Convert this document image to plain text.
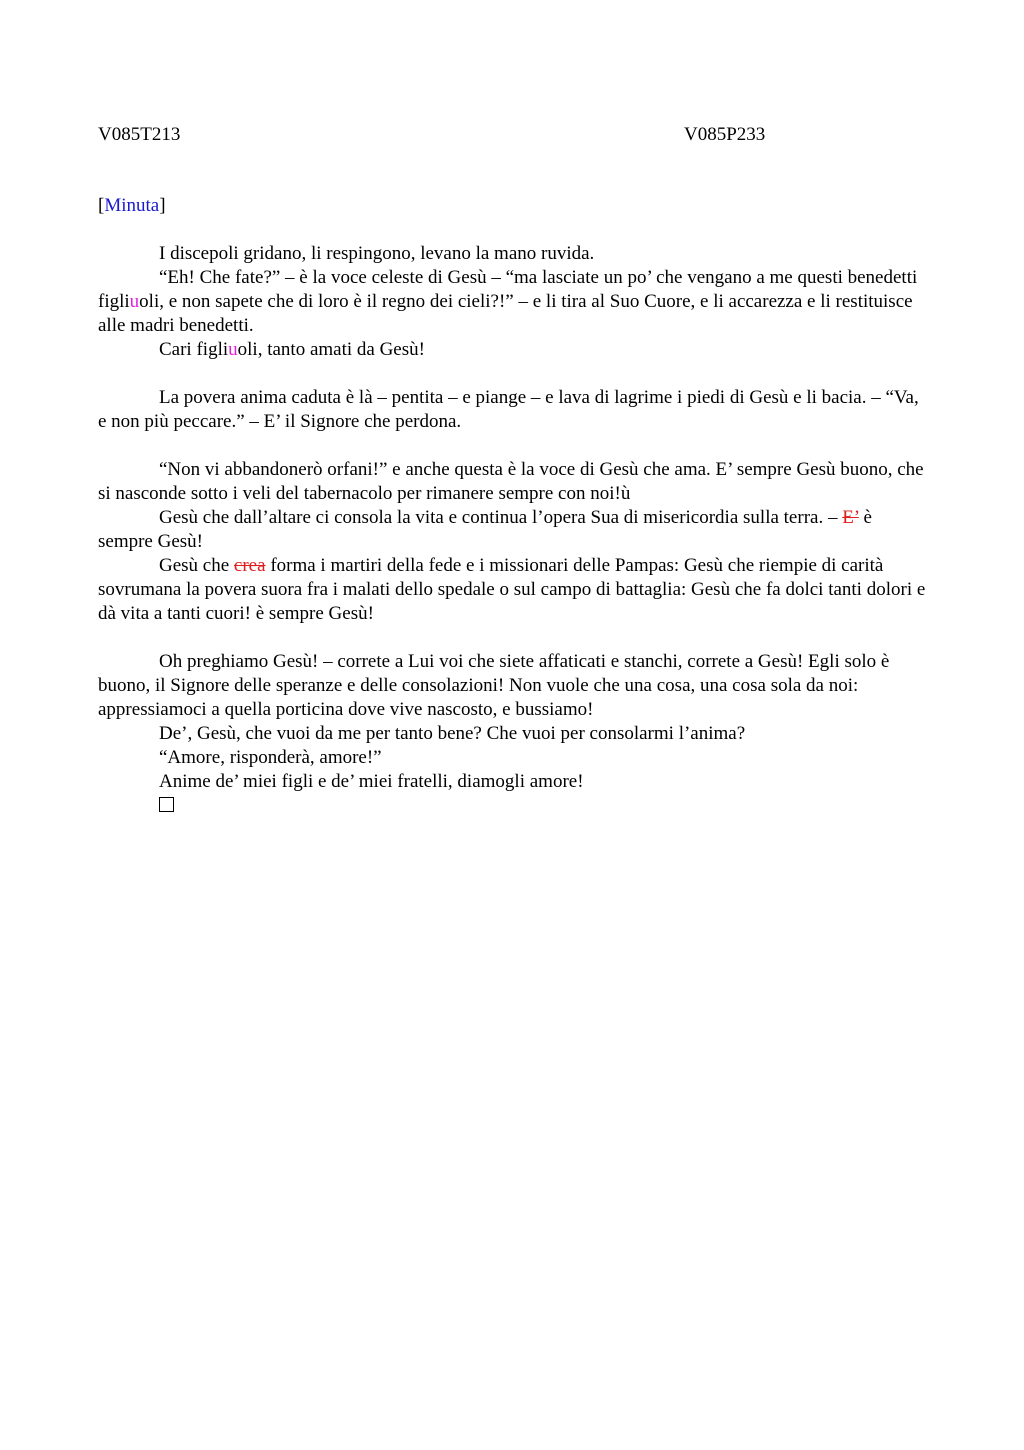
V085T213	V085P233
[Minuta]

I discepoli gridano, li respingono, levano la mano ruvida.

“Eh! Che fate?” – è la voce celeste di Gesù – “ma lasciate un po’ che vengano a me questi benedetti figliuoli, e non sapete che di loro è il regno dei cieli?!” – e li tira al Suo Cuore, e li accarezza e li restituisce alle madri benedetti.

Cari figliuoli, tanto amati da Gesù!

La povera anima caduta è là – pentita – e piange – e lava di lagrime i piedi di Gesù e li bacia. – “Va, e non più peccare.” – E’ il Signore che perdona.

“Non vi abbandonerò orfani!” e anche questa è la voce di Gesù che ama. E’ sempre Gesù buono, che si nasconde sotto i veli del tabernacolo per rimanere sempre con noi!ù

Gesù che dall’altare ci consola la vita e continua l’opera Sua di misericordia sulla terra. – E’ è sempre Gesù!

Gesù che crea forma i martiri della fede e i missionari delle Pampas: Gesù che riempie di carità sovrumana la povera suora fra i malati dello spedale o sul campo di battaglia: Gesù che fa dolci tanti dolori e dà vita a tanti cuori! è sempre Gesù!

Oh preghiamo Gesù! – correte a Lui voi che siete affaticati e stanchi, correte a Gesù! Egli solo è buono, il Signore delle speranze e delle consolazioni! Non vuole che una cosa, una cosa sola da noi: appressiamoci a quella porticina dove vive nascosto, e bussiamo!

De’, Gesù, che vuoi da me per tanto bene? Che vuoi per consolarmi l’anima?

“Amore, risponderà, amore!”

Anime de’ miei figli e de’ miei fratelli, diamogli amore!
